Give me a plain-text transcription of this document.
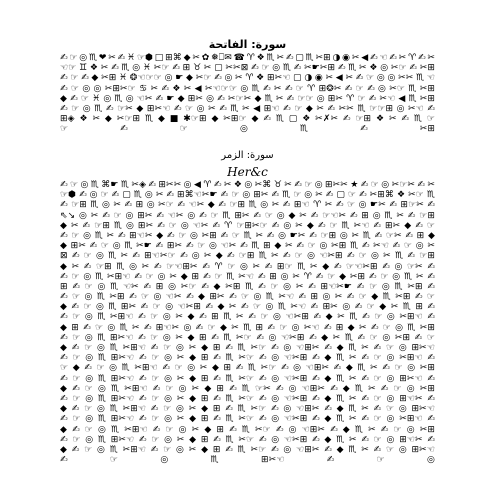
سورة: الفاتحة
✍☞◎♏❤✂✍♓☞⬢□⊞⌘◆✂✿❅⎕✉☎♈❖♏✂✍▢♏✂⊞◑◉✂◀✍☜✍✂♈✍✂
☜☞♊❖✂✍♏◎♓✂☞✍⊞♉✂▢✂✂⊠✍☞◎♏✍✂☛✂⊞✍♏✂❖◎✂☞✍✂⊞
✍☞✍◆✂⊞♓❂☜☞☞◎☛◆✂☞✍◎✂♈❖⊞✂☜▢◑◉✂◀✂✍☞◎◎✂✂♏☜
✍☞◎◎✂⊞✂☞♋✂✍❖✂◀✂☜☞☞◎♏✍✂✍☞♈⊞❂✂✍☞✍◎✂☞♏✂⊞
◆✍☞♓◎♏◎☜✂✍☛◆⊞✂◎✍✂☞✂◆♏✂✍☞☞◎⊞✂♈☞✍✂☜◀♏✂⊞
✍☞◎♏✍☞✂◆⊞✂☜✍☞◎✂✍♏✂◀⊞☜✍☞◆✂✍✂✂♏☞☞⊞◎✂☜✍
⊞◈❖✂◆✂☞⊞♏◆■✱☞⊞◆✂⊞☞◆✍♏▢❖✂✗✂✍☞⊞❖✂✍♏☞
☞✍☞◎♏✍✂⊞
سورة: الزمر
Her&c
✍☞◎♏⌘☛♏✂◈✍⊞✂✂◎◀♈✍✂❖◎✂⌘♉✂✍☞◎⊞✂✂★✍☞◎✂☞✂✍✂
☞⬢✍◎☞✍▢♏◎✂✍⊞⌘☜✂☛✍☞◎⊞✂✍♏☞◎✂✍▢☞✍✂⊞⌘❖✂☞♏
✍☞⊞♏◎✂✍⊞◎✂☞✍☜✂◆✍☞⊞♏◎✂✍⊞☜♈✂✍☞◎☛✂✍⊞☞✂✍
⇖↘◎✂✍☞◎⊞✂✍☜✂◎✍☞♏⊞✂✍☞◎◆✂✍☞☜✂✍⊞◎♏✂✍☞⊞
◆✂✍☞⊞♏◎⊞✂✍☞◎☜✂✍♈☞⊞✂☞✍◎✂◆✍☞♏✂☜✍⊞✂◆✍☞
✍☞◎♏✂✍⊞☜✂◆✍☞◎✂⊞✍☞♏✂✍◎☛✂✍☞⊞◎✂♏✍☞✂✍⊞◆
◆⊞✂✍☞◎♏✂☛✍⊞✂✍☞◎☜✂✍♏⊞◆✂✍☞◎✂⊞♏✍✂☜✍☞◎✂
⊠✍☞◎♏✂✍⊞☜✂☞✍◎✂◆✍☞⊞♏✂✍☞◎☜✂⊞✍☞◎✂♏✍☞⊞
◆✂✍☞⊞♏◎✂✍☞☜⊞✂✍♈☞◎✂✍⊞☞♏✂◆✍☞☜✂⊞✍◎☞✂✍
✍☞◎♏✂⊞☜✍☞◎✂◆⊞✍☞♏✂☜✍⊞◎✂♈✍☞◆✂⊞✍☞◎♏✂✍
⊞✍☞◎♏☜✂✍⊞◎✂☞✍◆✂⊞♏✍☞◎✂✍⊞☜✂☛✍☞◎♏✂⊞✍
✍☞◎♏✂⊞✍☞◎☜✂✍◆⊞✂✍☞◎♏✂☜✍⊞◎✂✍☞◆♏✂⊞✍☞
◆✍☞◎♏⊞✂✍☞◎☜✂⊞✍◆✂✍☞◎♏✂☜✍⊞✂◎✍☞◆✂♏⊞✍
✍☞◎♏✂⊞☜✍☞◎✂◆✍⊞♏✂✍☞◎☜✂⊞✍◆✂♏✍☞◎✂⊞☜✍
◆⊞✍☞◎♏✂✍⊞☜✂◎✍☞◆✂♏⊞✍☞◎✂☜✍⊞◆✂✍☞◎♏✂⊞
✍☞◎♏⊞✂☜✍☞◎✂◆⊞✍♏✂☞✍◎☜✂⊞✍◆✂♏✍☞◎✂⊞✍☞
◆✍☞◎♏✂⊞☜✍☞◎✂◆⊞✍♏✂☞✍◎☜⊞✂✍◆♏✂✍☞◎⊞✂☜
✍☞◎♏⊞✂☜✍☞◎✂◆⊞✍♏✂☞✍◎☜✂⊞✍◆♏✂✍☞◎✂⊞☜✍
☞◆✍☞◎♏✂⊞☜✍☞◎✂◆⊞✍♏✂☞✍◎☜⊞✂✍◆♏✂✍☞◎✂⊞
✍☞◎♏⊞✂☜✍☞◎✂◆⊞✍♏✂☞✍◎☜✂⊞✍◆♏✂✍☞◎⊞✂☜✍
◆✍☞◎♏✂⊞☜✍☞◎✂◆⊞✍♏☞✂✍◎☜⊞✂✍◆♏✂✍☞◎✂⊞
✍☞◎♏⊞✂☜✍☞◎✂◆⊞✍♏✂☞✍◎☜✂⊞✍◆♏✂✍☞◎⊞☜✂✍
◆✍☞◎♏✂⊞☜✍☞◎✂◆⊞✍♏✂☞✍◎☜⊞✂✍◆♏✂✍☞◎⊞✂☜
✍☞◎♏⊞✂☜✍☞◎✂◆⊞✍♏✂☞✍◎☜✂⊞✍◆♏✂✍☞◎✂⊞☜✍
◆✍☞◎♏✂⊞☜✍☞◎✂◆⊞✍♏✂☞✍◎☜⊞✂✍◆♏✂✍☞◎✂⊞
✍☞◎♏⊞✂☜✍☞◎✂◆⊞✍♏✂☞✍◎☜✂⊞✍◆♏✂✍☞◎⊞☜✂✍
◆✍☞◎♏✂⊞☜✍☞◎✂◆⊞✍♏✂☞✍◎☜⊞✂✍◆♏✂✍☞◎⊞✂☜
✍☞◎♏⊞✂☜✍☞◎
